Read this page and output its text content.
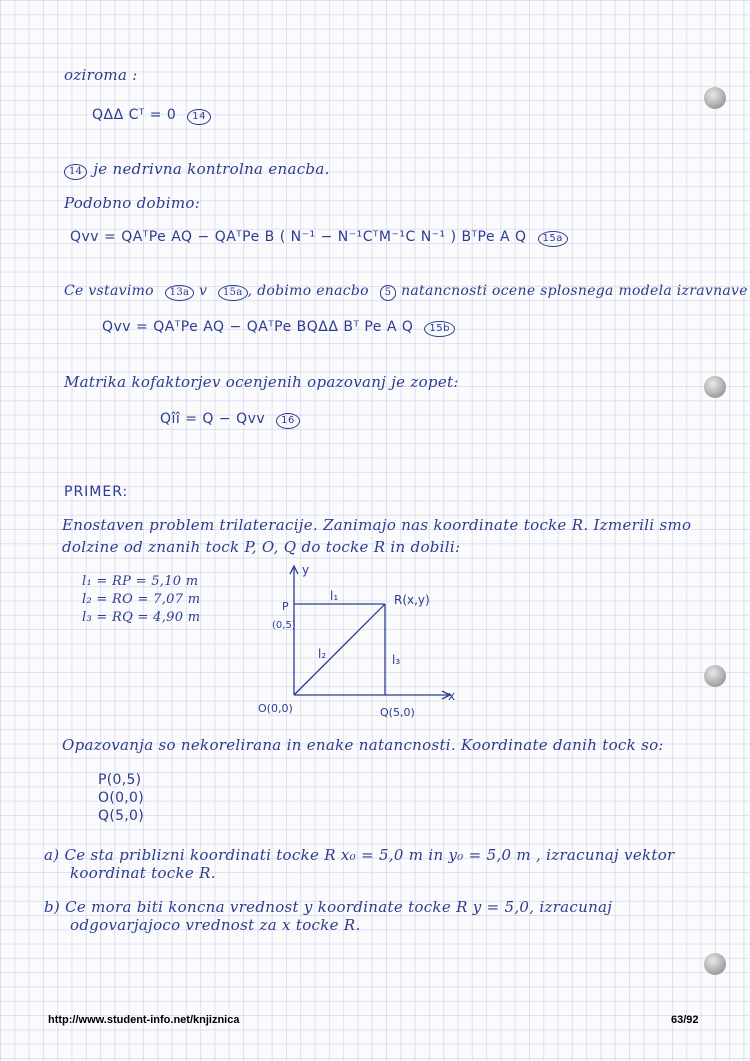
oziroma :
QΔΔ Cᵀ = 0 14
14 je nedrivna kontrolna enacba.
Podobno dobimo:
Qvv = QAᵀPe AQ − QAᵀPe B ( N⁻¹ − N⁻¹CᵀM⁻¹C N⁻¹ ) BᵀPe A Q 15a
Ce vstavimo 13a v 15a , dobimo enacbo 5 natancnosti ocene splosnega modela izravnave
Qvv = QAᵀPe AQ − QAᵀPe BQΔΔ Bᵀ Pe A Q 15b
Matrika kofaktorjev ocenjenih opazovanj je zopet:
Qîî = Q − Qvv 16
PRIMER:
Enostaven problem trilateracije. Zanimajo nas koordinate tocke R. Izmerili smo
dolzine od znanih tock P, O, Q do tocke R in dobili:
l₁ = RP = 5,10 m
l₂ = RO = 7,07 m
l₃ = RQ = 4,90 m
y
x
P
(0,5)
R(x,y)
O(0,0)	Q(5,0)
l₁
l₂	l₃
Opazovanja so nekorelirana in enake natancnosti. Koordinate danih tock so:
P(0,5)
O(0,0)
Q(5,0)
a) Ce sta priblizni koordinati tocke R x₀ = 5,0 m in y₀ = 5,0 m , izracunaj vektor
koordinat tocke R.
b) Ce mora biti koncna vrednost y koordinate tocke R y = 5,0, izracunaj
odgovarjajoco vrednost za x tocke R.
http://www.student-info.net/knjiznica	63/92
